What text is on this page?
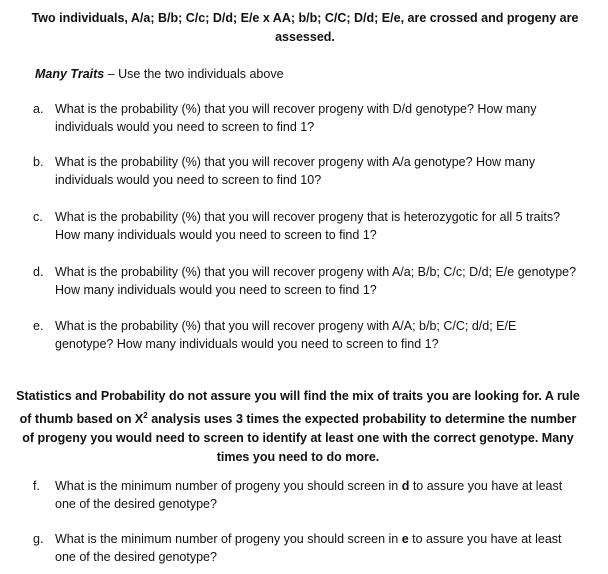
Two individuals, A/a; B/b; C/c; D/d; E/e x AA; b/b; C/C; D/d; E/e, are crossed and progeny are assessed.
Many Traits – Use the two individuals above
a. What is the probability (%) that you will recover progeny with D/d genotype? How many individuals would you need to screen to find 1?
b. What is the probability (%) that you will recover progeny with A/a genotype? How many individuals would you need to screen to find 10?
c. What is the probability (%) that you will recover progeny that is heterozygotic for all 5 traits? How many individuals would you need to screen to find 1?
d. What is the probability (%) that you will recover progeny with A/a; B/b; C/c; D/d; E/e genotype? How many individuals would you need to screen to find 1?
e. What is the probability (%) that you will recover progeny with A/A; b/b; C/C; d/d; E/E genotype? How many individuals would you need to screen to find 1?
Statistics and Probability do not assure you will find the mix of traits you are looking for. A rule of thumb based on $X^2$ analysis uses 3 times the expected probability to determine the number of progeny you would need to screen to identify at least one with the correct genotype. Many times you need to do more.
f.	What is the minimum number of progeny you should screen in d to assure you have at least one of the desired genotype?
g. What is the minimum number of progeny you should screen in e to assure you have at least one of the desired genotype?
